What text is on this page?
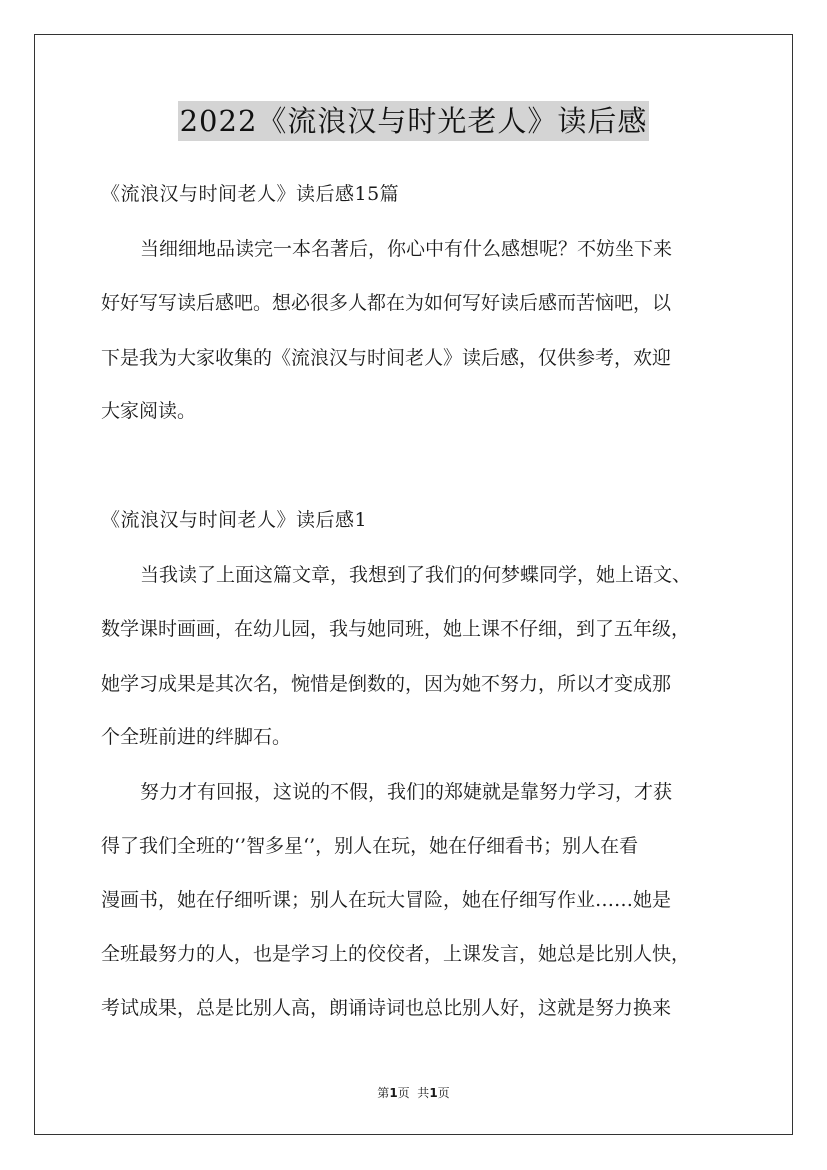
2022《流浪汉与时光老人》读后感
《流浪汉与时间老人》读后感15篇
当细细地品读完一本名著后，你心中有什么感想呢？不妨坐下来
好好写写读后感吧。想必很多人都在为如何写好读后感而苦恼吧，以
下是我为大家收集的《流浪汉与时间老人》读后感，仅供参考，欢迎
大家阅读。
《流浪汉与时间老人》读后感1
当我读了上面这篇文章，我想到了我们的何梦蝶同学，她上语文、
数学课时画画，在幼儿园，我与她同班，她上课不仔细，到了五年级，
她学习成果是其次名，惋惜是倒数的，因为她不努力，所以才变成那
个全班前进的绊脚石。
努力才有回报，这说的不假，我们的郑婕就是靠努力学习，才获
得了我们全班的‘’智多星‘’，别人在玩，她在仔细看书；别人在看
漫画书，她在仔细听课；别人在玩大冒险，她在仔细写作业……她是
全班最努力的人，也是学习上的佼佼者，上课发言，她总是比别人快，
考试成果，总是比别人高，朗诵诗词也总比别人好，这就是努力换来
第1页  共1页
